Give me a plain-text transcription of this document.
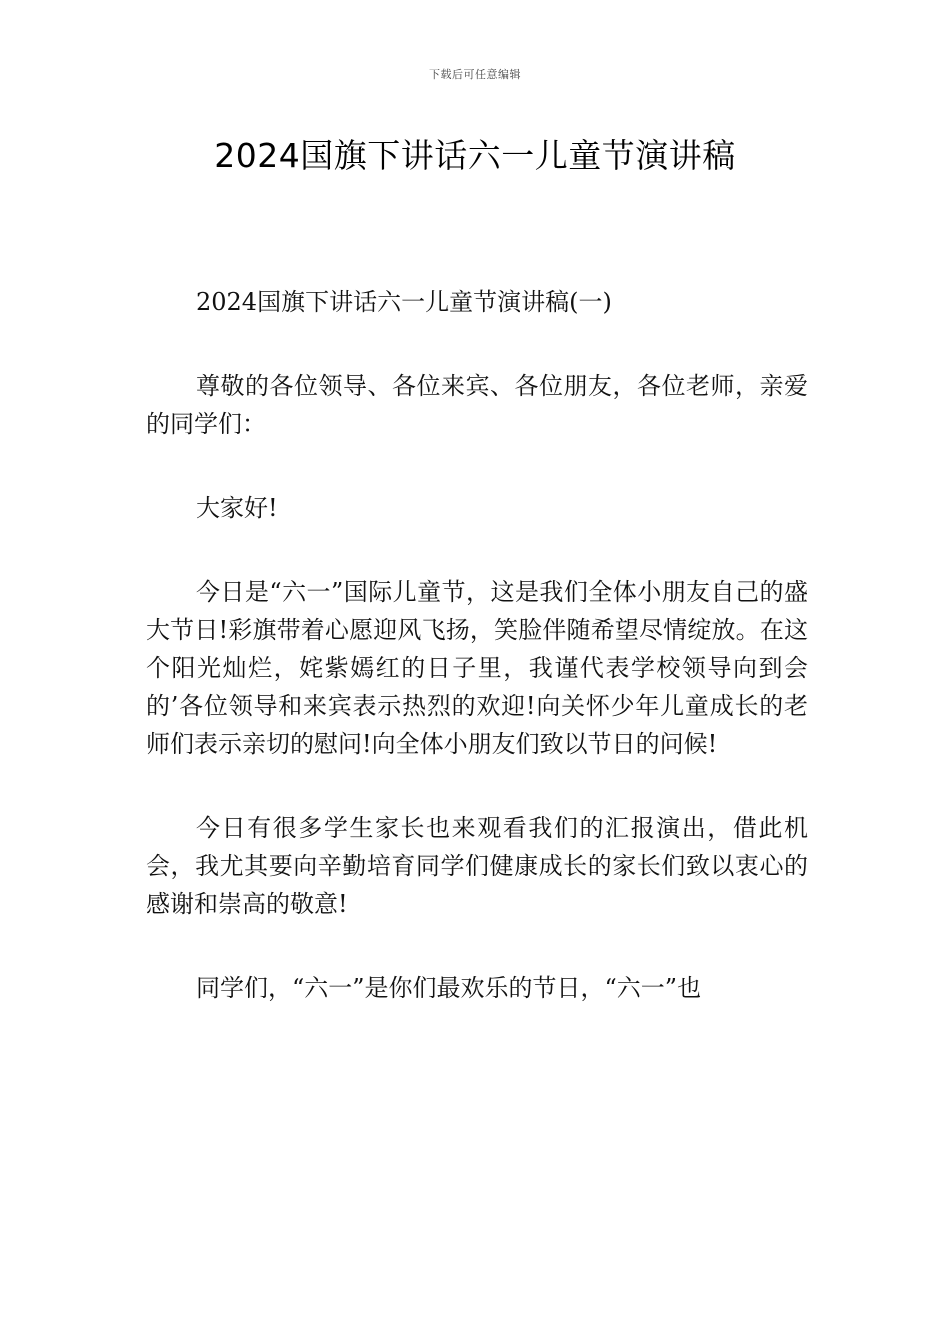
下载后可任意编辑
2024国旗下讲话六一儿童节演讲稿

2024国旗下讲话六一儿童节演讲稿(一)

尊敬的各位领导、各位来宾、各位朋友，各位老师，亲爱的同学们：

大家好!

今日是“六一”国际儿童节，这是我们全体小朋友自己的盛大节日!彩旗带着心愿迎风飞扬，笑脸伴随希望尽情绽放。在这个阳光灿烂，姹紫嫣红的日子里，我谨代表学校领导向到会的’各位领导和来宾表示热烈的欢迎!向关怀少年儿童成长的老师们表示亲切的慰问!向全体小朋友们致以节日的问候!

今日有很多学生家长也来观看我们的汇报演出，借此机会，我尤其要向辛勤培育同学们健康成长的家长们致以衷心的感谢和崇高的敬意!

同学们，“六一”是你们最欢乐的节日，“六一”也
